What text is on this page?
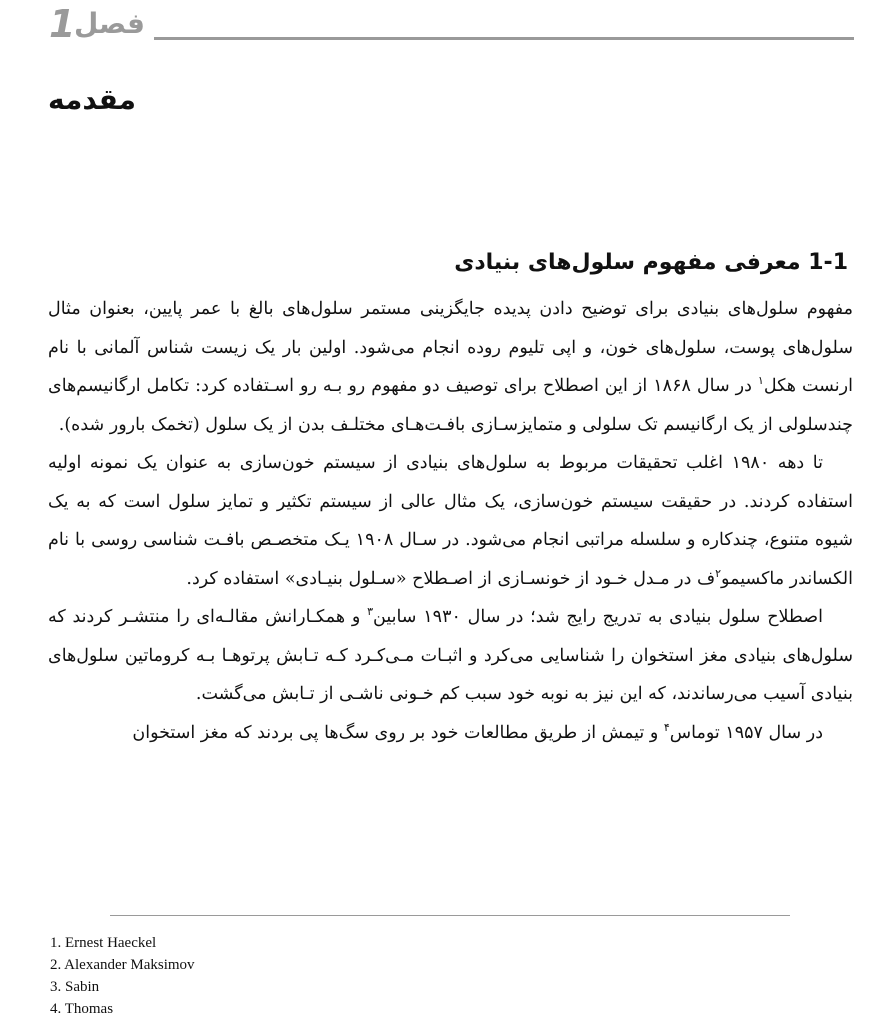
1
فصل
مقدمه
1-1 معرفی مفهوم سلول‌های بنیادی

مفهوم سلول‌های بنیادی برای توضیح دادن پدیده جایگزینی مستمر سلول‌های بالغ با عمر پایین، بعنوان مثال سلول‌های پوست، سلول‌های خون، و اپی تلیوم روده انجام می‌شود. اولین بار یک زیست شناس آلمانی با نام ارنست هکل$^۱$ در سال ۱۸۶۸ از این اصطلاح برای توصیف دو مفهوم رو بـه رو اسـتفاده کرد: تکامل ارگانیسم‌های چندسلولی از یک ارگانیسم تک سلولی و متمایزسـازی بافـت‌هـای مختلـف بدن از یک سلول (تخمک بارور شده).

تا دهه ۱۹۸۰ اغلب تحقیقات مربوط به سلول‌های بنیادی از سیستم خون‌سازی به عنوان یک نمونه اولیه استفاده کردند. در حقیقت سیستم خون‌سازی، یک مثال عالی از سیستم تکثیر و تمایز سلول است که به یک شیوه متنوع، چندکاره و سلسله مراتبی انجام می‌شود. در سـال ۱۹۰۸ یـک متخصـص بافـت شناسی روسی با نام الکساندر ماکسیمو$^۲$ف در مـدل خـود از خونسـازی از اصـطلاح «سـلول بنیـادی» استفاده کرد.

اصطلاح سلول بنیادی به تدریج رایج شد؛ در سال ۱۹۳۰ سابین$^۳$ و همکـارانش مقالـه‌ای را منتشـر کردند که سلول‌های بنیادی مغز استخوان را شناسایی می‌کرد و اثبـات مـی‌کـرد کـه تـابش پرتوهـا بـه کروماتین سلول‌های بنیادی آسیب می‌رساندند، که این نیز به نوبه خود سبب کم خـونی ناشـی از تـابش می‌گشت.

در سال ۱۹۵۷ توماس$^۴$ و تیمش از طریق مطالعات خود بر روی سگ‌ها پی بردند که مغز استخوان

1. Ernest Haeckel
2. Alexander Maksimov
3. Sabin
4. Thomas
